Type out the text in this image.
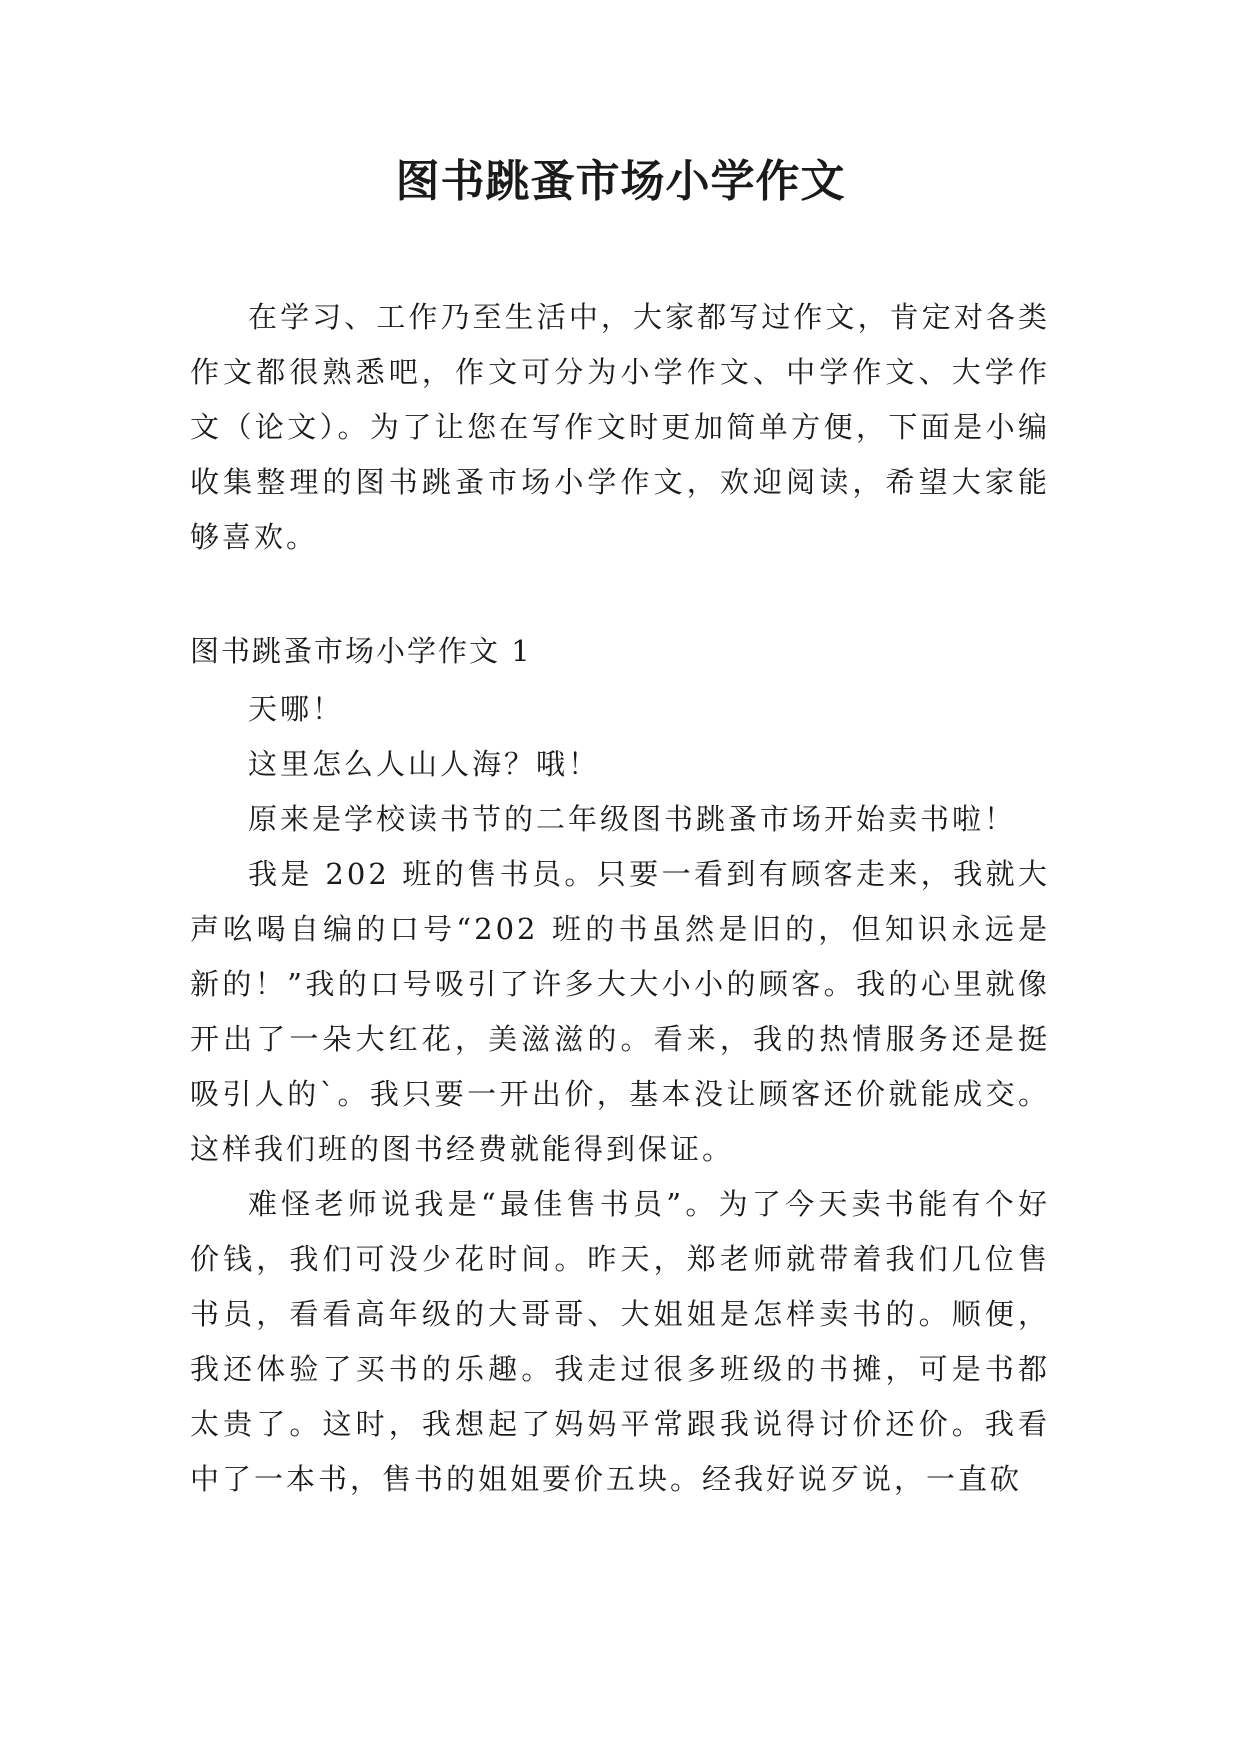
图书跳蚤市场小学作文

在学习、工作乃至生活中，大家都写过作文，肯定对各类作文都很熟悉吧，作文可分为小学作文、中学作文、大学作文（论文）。为了让您在写作文时更加简单方便，下面是小编收集整理的图书跳蚤市场小学作文，欢迎阅读，希望大家能够喜欢。

图书跳蚤市场小学作文 1

天哪！

这里怎么人山人海？哦！

原来是学校读书节的二年级图书跳蚤市场开始卖书啦！

我是 202 班的售书员。只要一看到有顾客走来，我就大声吆喝自编的口号“202 班的书虽然是旧的，但知识永远是新的！”我的口号吸引了许多大大小小的顾客。我的心里就像开出了一朵大红花，美滋滋的。看来，我的热情服务还是挺吸引人的`。我只要一开出价，基本没让顾客还价就能成交。这样我们班的图书经费就能得到保证。

难怪老师说我是“最佳售书员”。为了今天卖书能有个好价钱，我们可没少花时间。昨天，郑老师就带着我们几位售书员，看看高年级的大哥哥、大姐姐是怎样卖书的。顺便，我还体验了买书的乐趣。我走过很多班级的书摊，可是书都太贵了。这时，我想起了妈妈平常跟我说得讨价还价。我看中了一本书，售书的姐姐要价五块。经我好说歹说，一直砍
